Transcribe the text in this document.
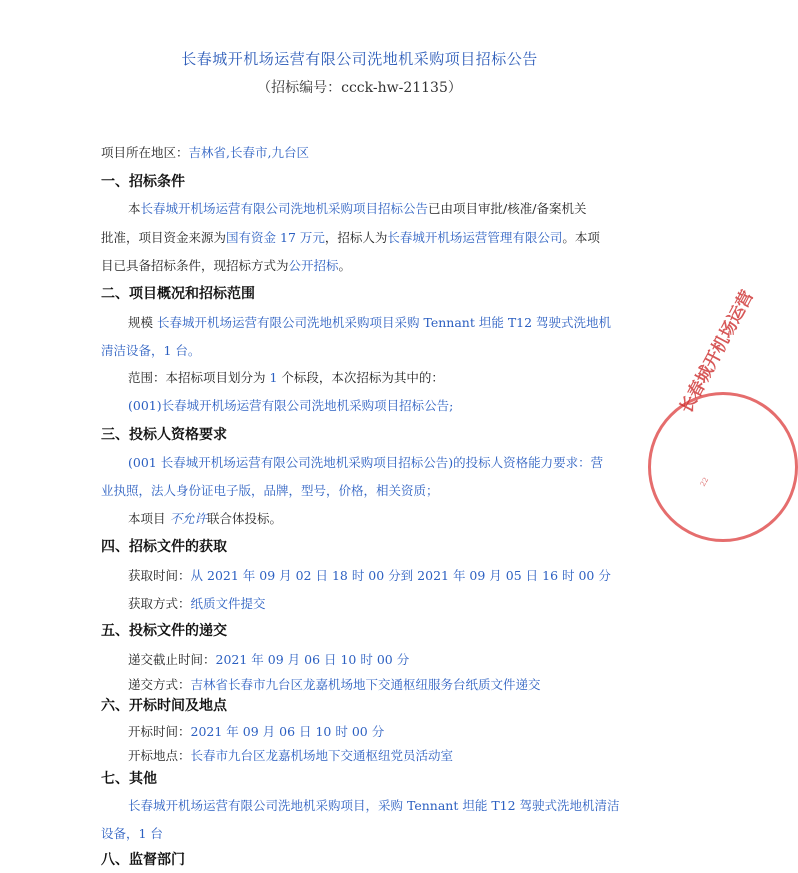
长春城开机场运营有限公司洗地机采购项目招标公告
（招标编号：ccck-hw-21135）
项目所在地区：吉林省,长春市,九台区
一、招标条件
本长春城开机场运营有限公司洗地机采购项目招标公告已由项目审批/核准/备案机关
批准，项目资金来源为国有资金 17 万元，招标人为长春城开机场运营管理有限公司。本项
目已具备招标条件，现招标方式为公开招标。
二、项目概况和招标范围
规模 长春城开机场运营有限公司洗地机采购项目采购 Tennant 坦能 T12 驾驶式洗地机
清洁设备，1 台。
范围：本招标项目划分为 1 个标段，本次招标为其中的：
(001)长春城开机场运营有限公司洗地机采购项目招标公告;
三、投标人资格要求
(001 长春城开机场运营有限公司洗地机采购项目招标公告)的投标人资格能力要求：营
业执照，法人身份证电子版，品牌，型号，价格，相关资质；
本项目 不允许联合体投标。
四、招标文件的获取
获取时间：从 2021 年 09 月 02 日 18 时 00 分到 2021 年 09 月 05 日 16 时 00 分
获取方式：纸质文件提交
五、投标文件的递交
递交截止时间：2021 年 09 月 06 日 10 时 00 分
递交方式：吉林省长春市九台区龙嘉机场地下交通枢纽服务台纸质文件递交
六、开标时间及地点
开标时间：2021 年 09 月 06 日 10 时 00 分
开标地点：长春市九台区龙嘉机场地下交通枢纽党员活动室
七、其他
长春城开机场运营有限公司洗地机采购项目，采购 Tennant 坦能 T12 驾驶式洗地机清洁
设备，1 台
八、监督部门
长春城开机场运营
22
